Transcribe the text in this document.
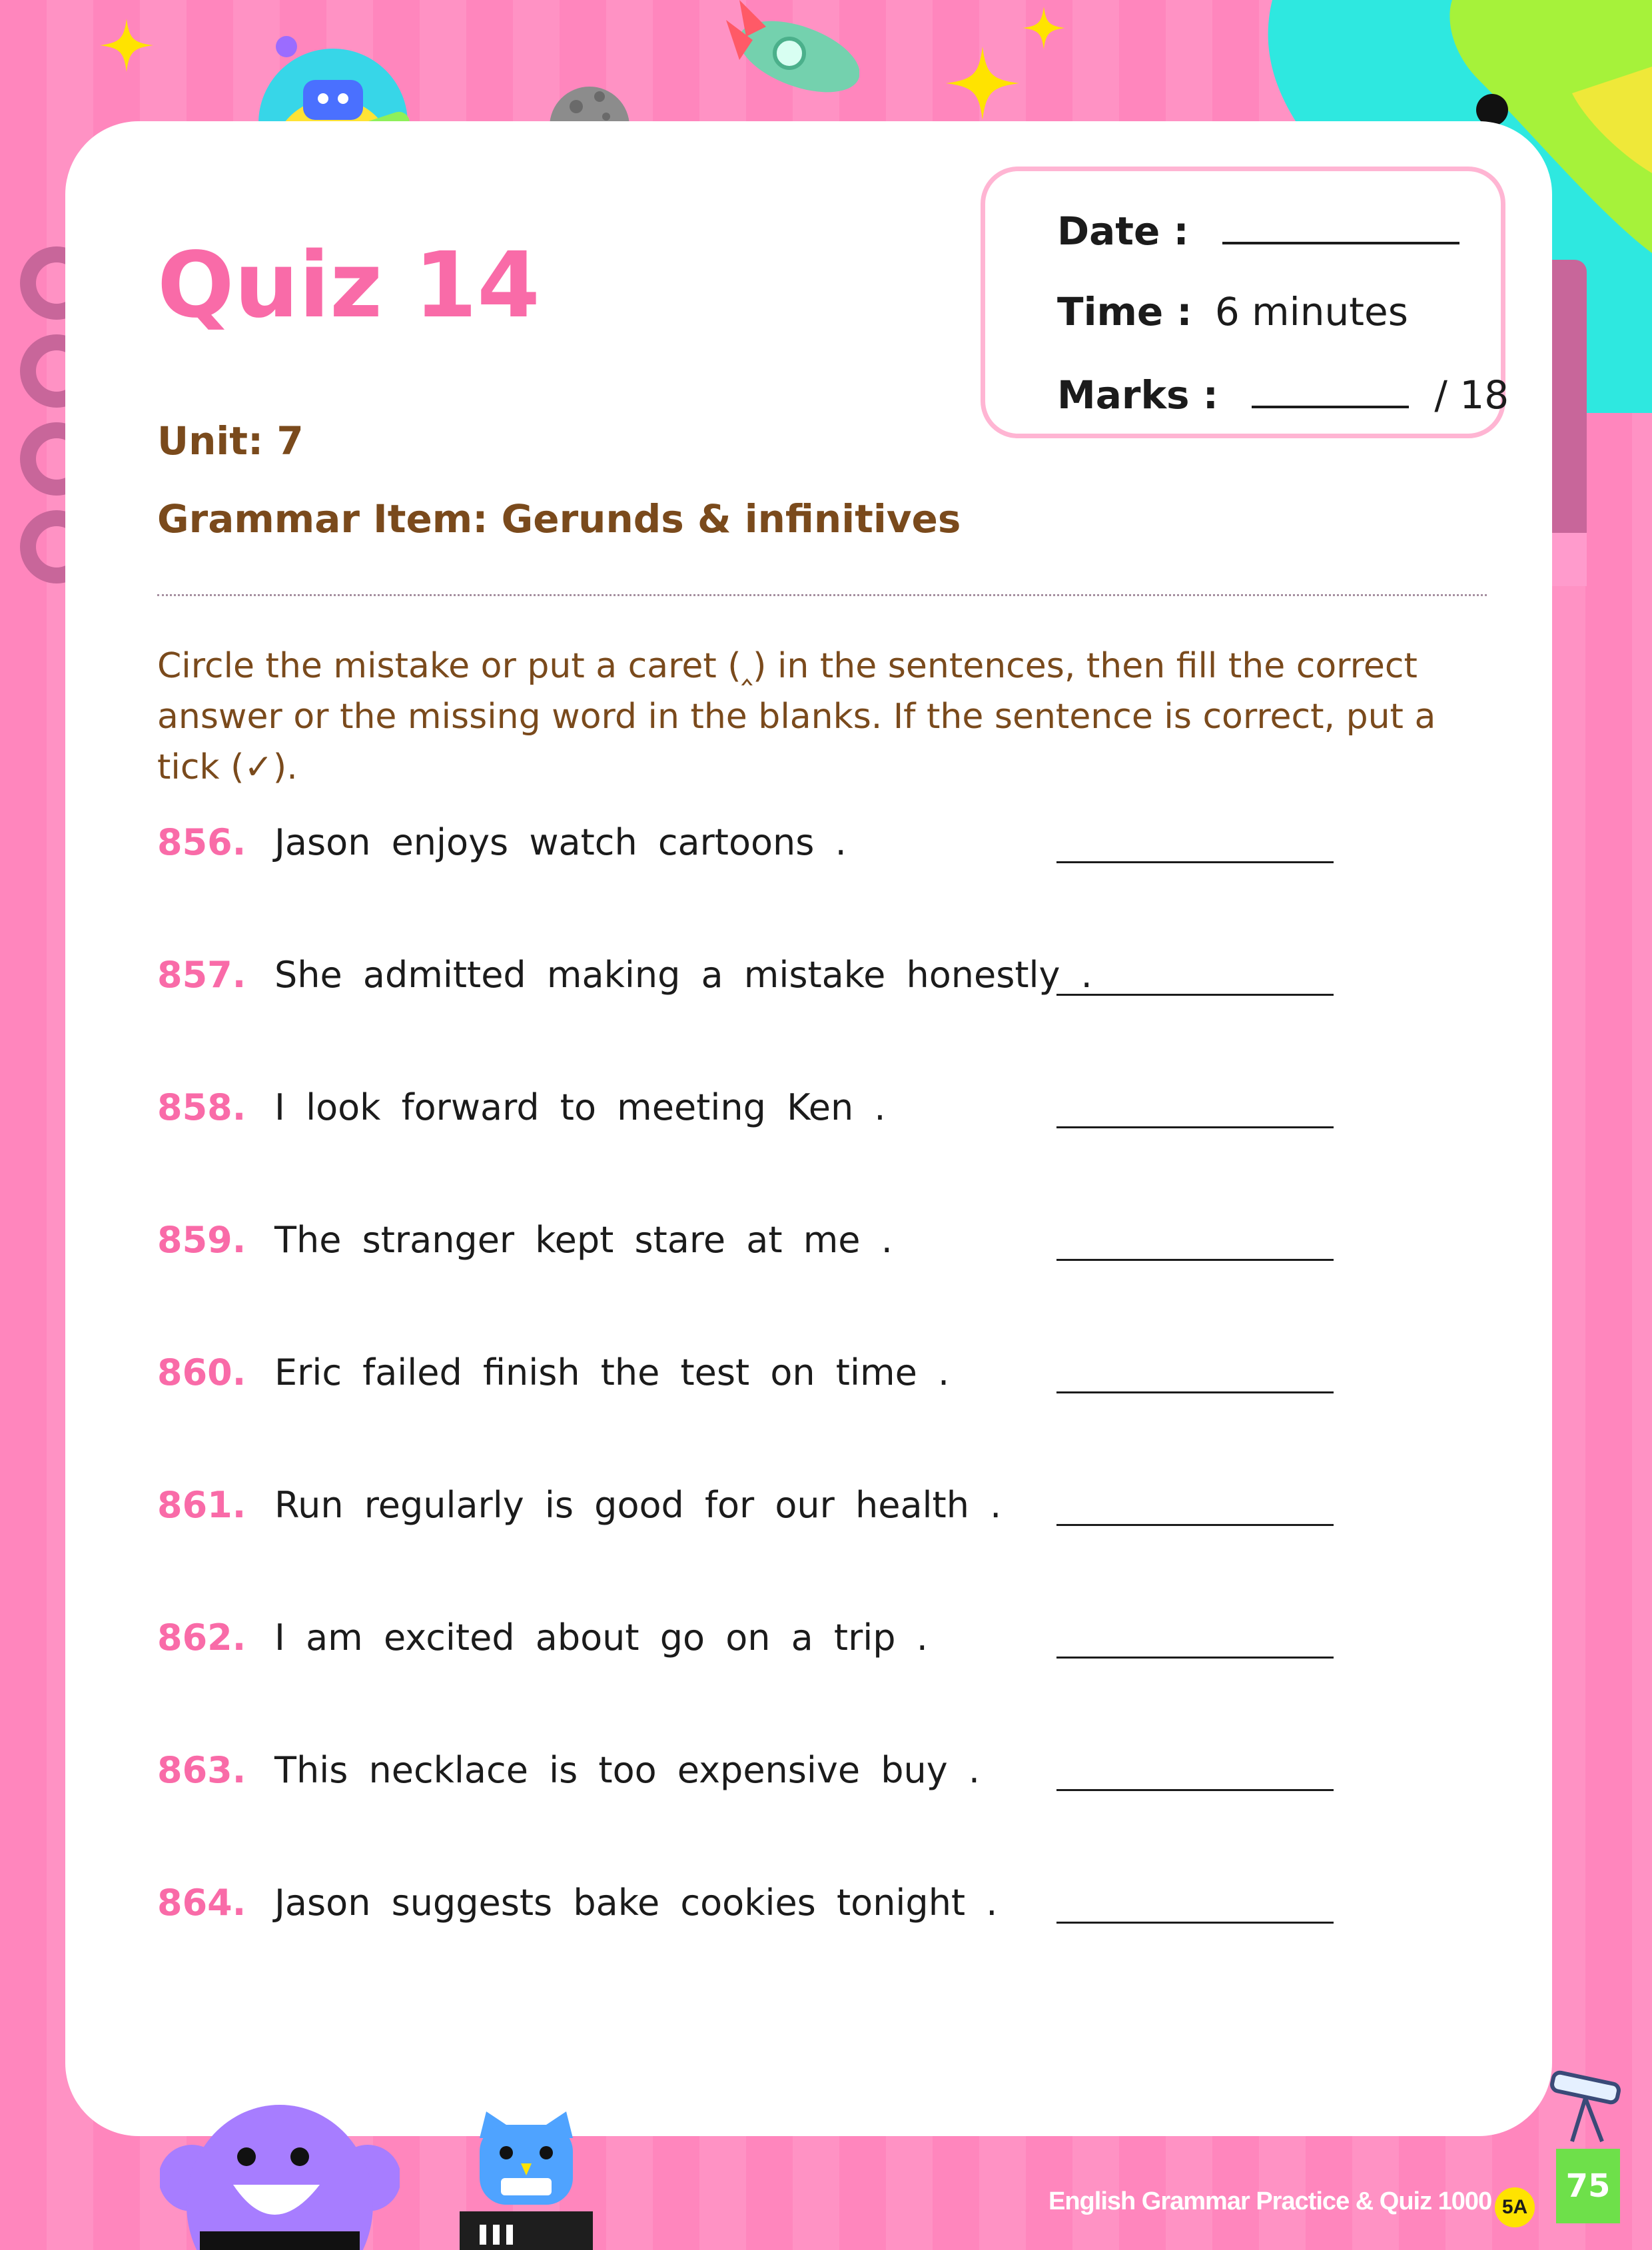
Quiz 14
Unit: 7
Grammar Item: Gerunds & infinitives
Date :
Time : 6 minutes
Marks :	/ 18

Circle the mistake or put a caret (‸) in the sentences, then fill the correct answer or the missing word in the blanks. If the sentence is correct, put a tick (✓).

856. Jason enjoys watch cartoons .
857. She admitted making a mistake honestly .
858. I look forward to meeting Ken .
859. The stranger kept stare at me .
860. Eric failed finish the test on time .
861. Run regularly is good for our health .
862. I am excited about go on a trip .
863. This necklace is too expensive buy .
864. Jason suggests bake cookies tonight .
English Grammar Practice & Quiz 1000 5A
75
